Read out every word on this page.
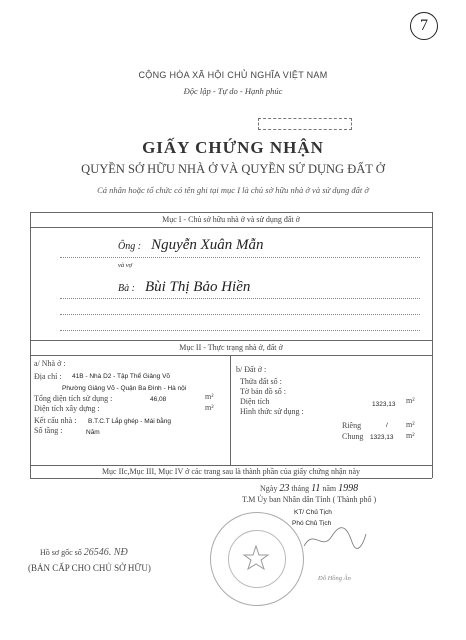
7
CỘNG HÒA XÃ HỘI CHỦ NGHĨA VIỆT NAM
Độc lập - Tự do - Hạnh phúc
GIẤY CHỨNG NHẬN
QUYỀN SỞ HỮU NHÀ Ở VÀ QUYỀN SỬ DỤNG ĐẤT Ở
Cá nhân hoặc tổ chức có tên ghi tại mục I là chủ sở hữu nhà ở và sử dụng đất ở
Mục I - Chủ sở hữu nhà ở và sử dụng đất ở
Ông : Nguyễn Xuân Mẫn
và vợ
Bà : Bùi Thị Bảo Hiền
Mục II - Thực trạng nhà ở, đất ở
a/ Nhà ở :
Địa chỉ : 41B - Nhà D2 - Tập Thể Giảng Võ
Phường Giảng Võ - Quận Ba Đình - Hà nội
Tổng diện tích sử dụng :	46,08	m²
Diện tích xây dựng :	m²
Kết cấu nhà : B.T.C.T Lắp ghép - Mái bằng
Số tầng :	Năm
b/ Đất ở :
Thửa đất số :
Tờ bản đồ số :
Diện tích	1323,13 m²
Hình thức sử dụng :
Riêng	/ m²
Chung 1323,13 m²
Mục IIc,Mục III, Mục IV ở các trang sau là thành phần của giấy chứng nhận này
Ngày 23 tháng 11 năm 1998
T.M Ủy ban Nhân dân Tỉnh ( Thành phố )
KT/ Chủ Tịch
Phó Chủ Tịch
Đỗ Hồng Ân
Hồ sơ gốc số 26546. NĐ
(BẢN CẤP CHO CHỦ SỞ HỮU)
